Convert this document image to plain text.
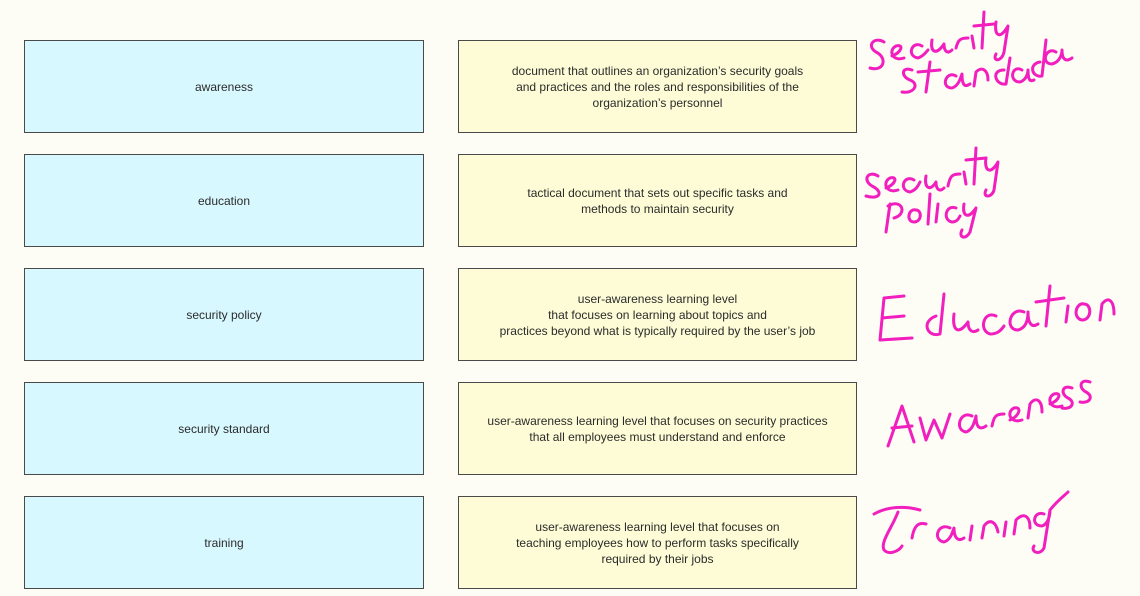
awareness
education
security policy
security standard
training
document that outlines an organization’s security goals
and practices and the roles and responsibilities of the
organization’s personnel
tactical document that sets out specific tasks and
methods to maintain security
user-awareness learning level
that focuses on learning about topics and
practices beyond what is typically required by the user’s job
user-awareness learning level that focuses on security practices
that all employees must understand and enforce
user-awareness learning level that focuses on
teaching employees how to perform tasks specifically
required by their jobs
